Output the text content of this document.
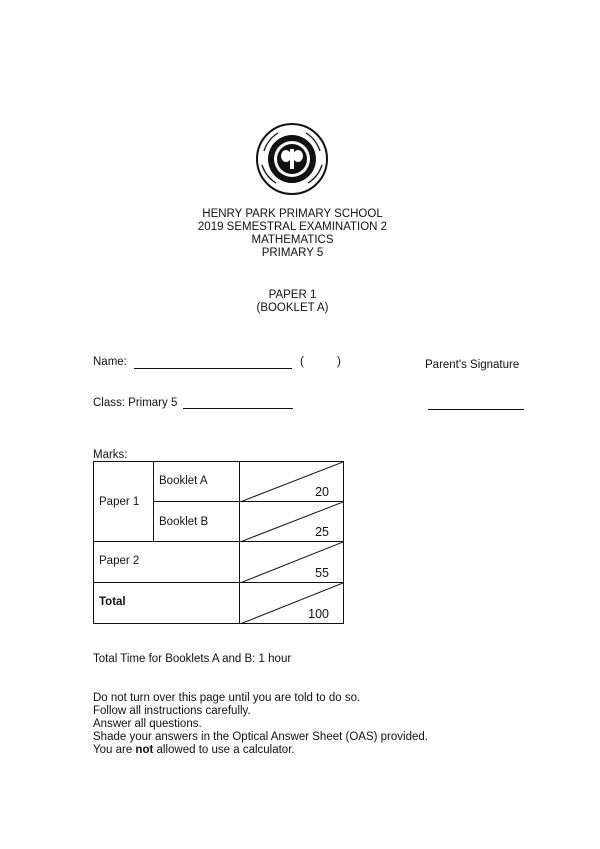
HENRY PARK PRIMARY SCHOOL
2019 SEMESTRAL EXAMINATION 2
MATHEMATICS
PRIMARY 5
PAPER 1
(BOOKLET A)
Name:	(	)	Parent's Signature
Class: Primary 5
Marks:
Paper 1	Booklet A	20

	Booklet B	25

Paper 2		55

Total		100
Total Time for Booklets A and B: 1 hour
Do not turn over this page until you are told to do so.
Follow all instructions carefully.
Answer all questions.
Shade your answers in the Optical Answer Sheet (OAS) provided.
You are not allowed to use a calculator.
